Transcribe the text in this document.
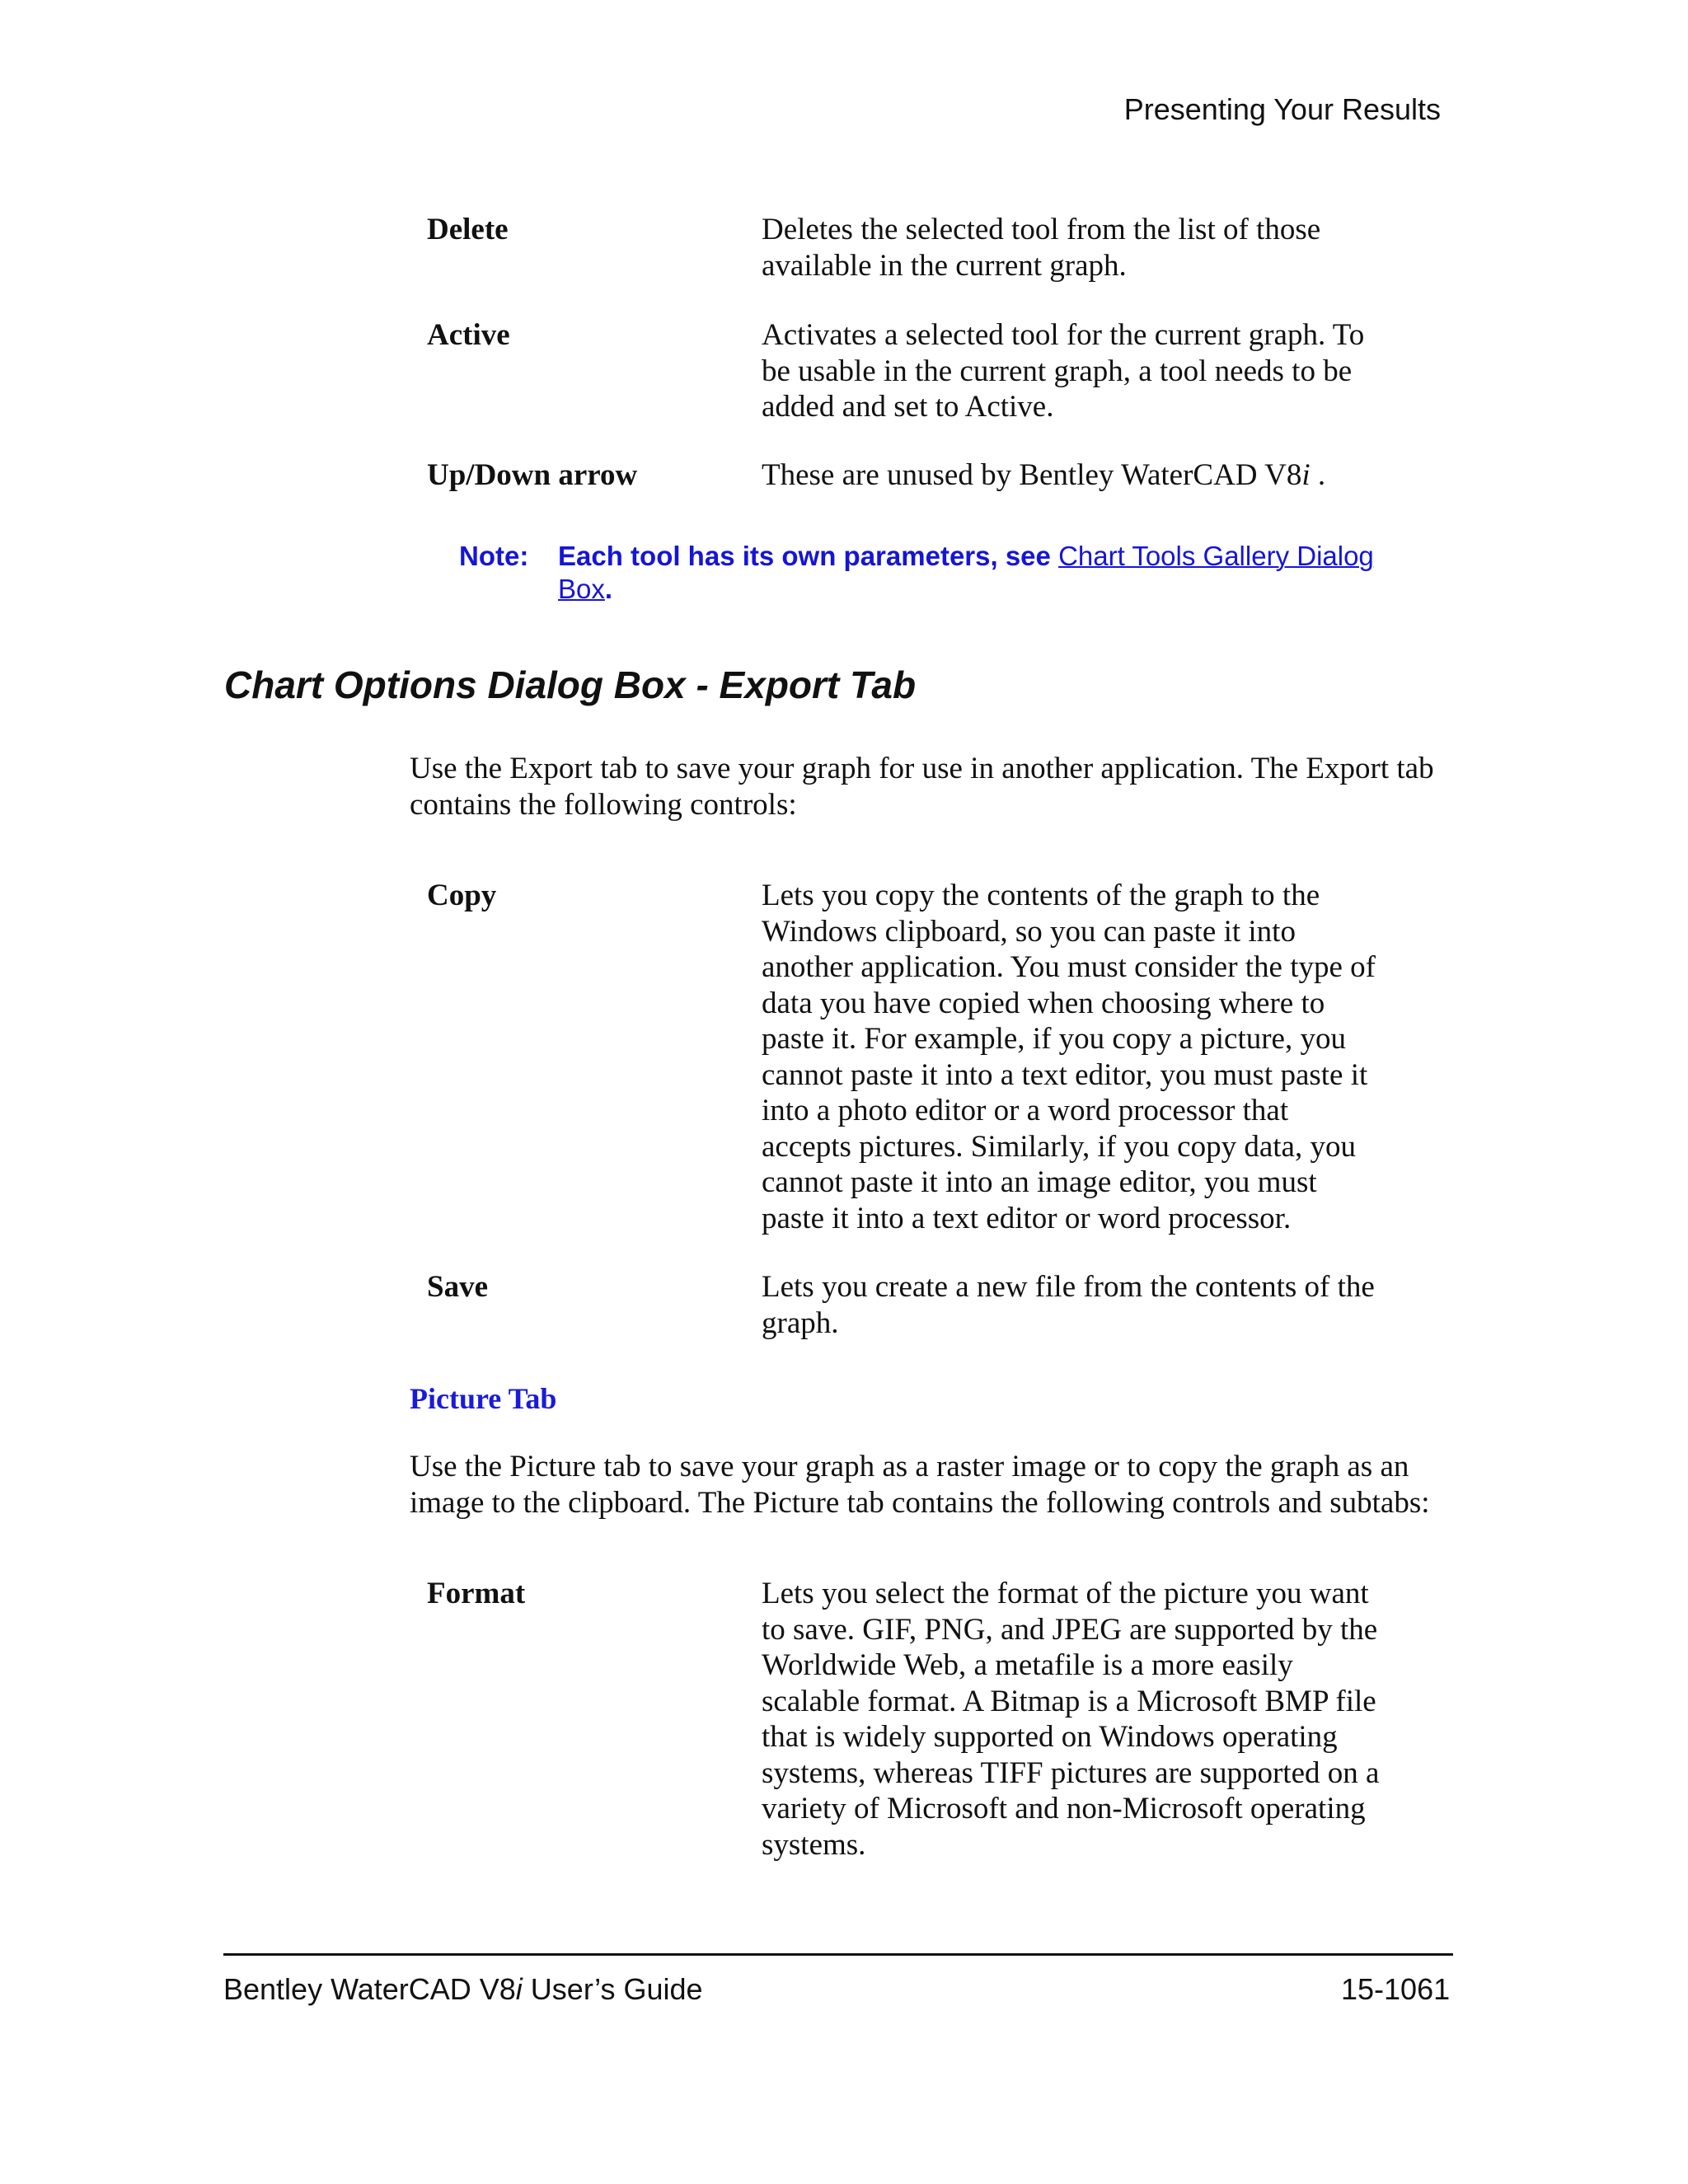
Presenting Your Results
Delete	Deletes the selected tool from the list of those
available in the current graph.
Active	Activates a selected tool for the current graph. To
be usable in the current graph, a tool needs to be
added and set to Active.
Up/Down arrow	These are unused by Bentley WaterCAD V8i .
Note: Each tool has its own parameters, see Chart Tools Gallery Dialog
Box.
Chart Options Dialog Box - Export Tab
Use the Export tab to save your graph for use in another application. The Export tab
contains the following controls:
Copy	Lets you copy the contents of the graph to the
Windows clipboard, so you can paste it into
another application. You must consider the type of
data you have copied when choosing where to
paste it. For example, if you copy a picture, you
cannot paste it into a text editor, you must paste it
into a photo editor or a word processor that
accepts pictures. Similarly, if you copy data, you
cannot paste it into an image editor, you must
paste it into a text editor or word processor.
Save	Lets you create a new file from the contents of the
graph.
Picture Tab
Use the Picture tab to save your graph as a raster image or to copy the graph as an
image to the clipboard. The Picture tab contains the following controls and subtabs:
Format	Lets you select the format of the picture you want
to save. GIF, PNG, and JPEG are supported by the
Worldwide Web, a metafile is a more easily
scalable format. A Bitmap is a Microsoft BMP file
that is widely supported on Windows operating
systems, whereas TIFF pictures are supported on a
variety of Microsoft and non-Microsoft operating
systems.
Bentley WaterCAD V8i User’s Guide	15-1061
